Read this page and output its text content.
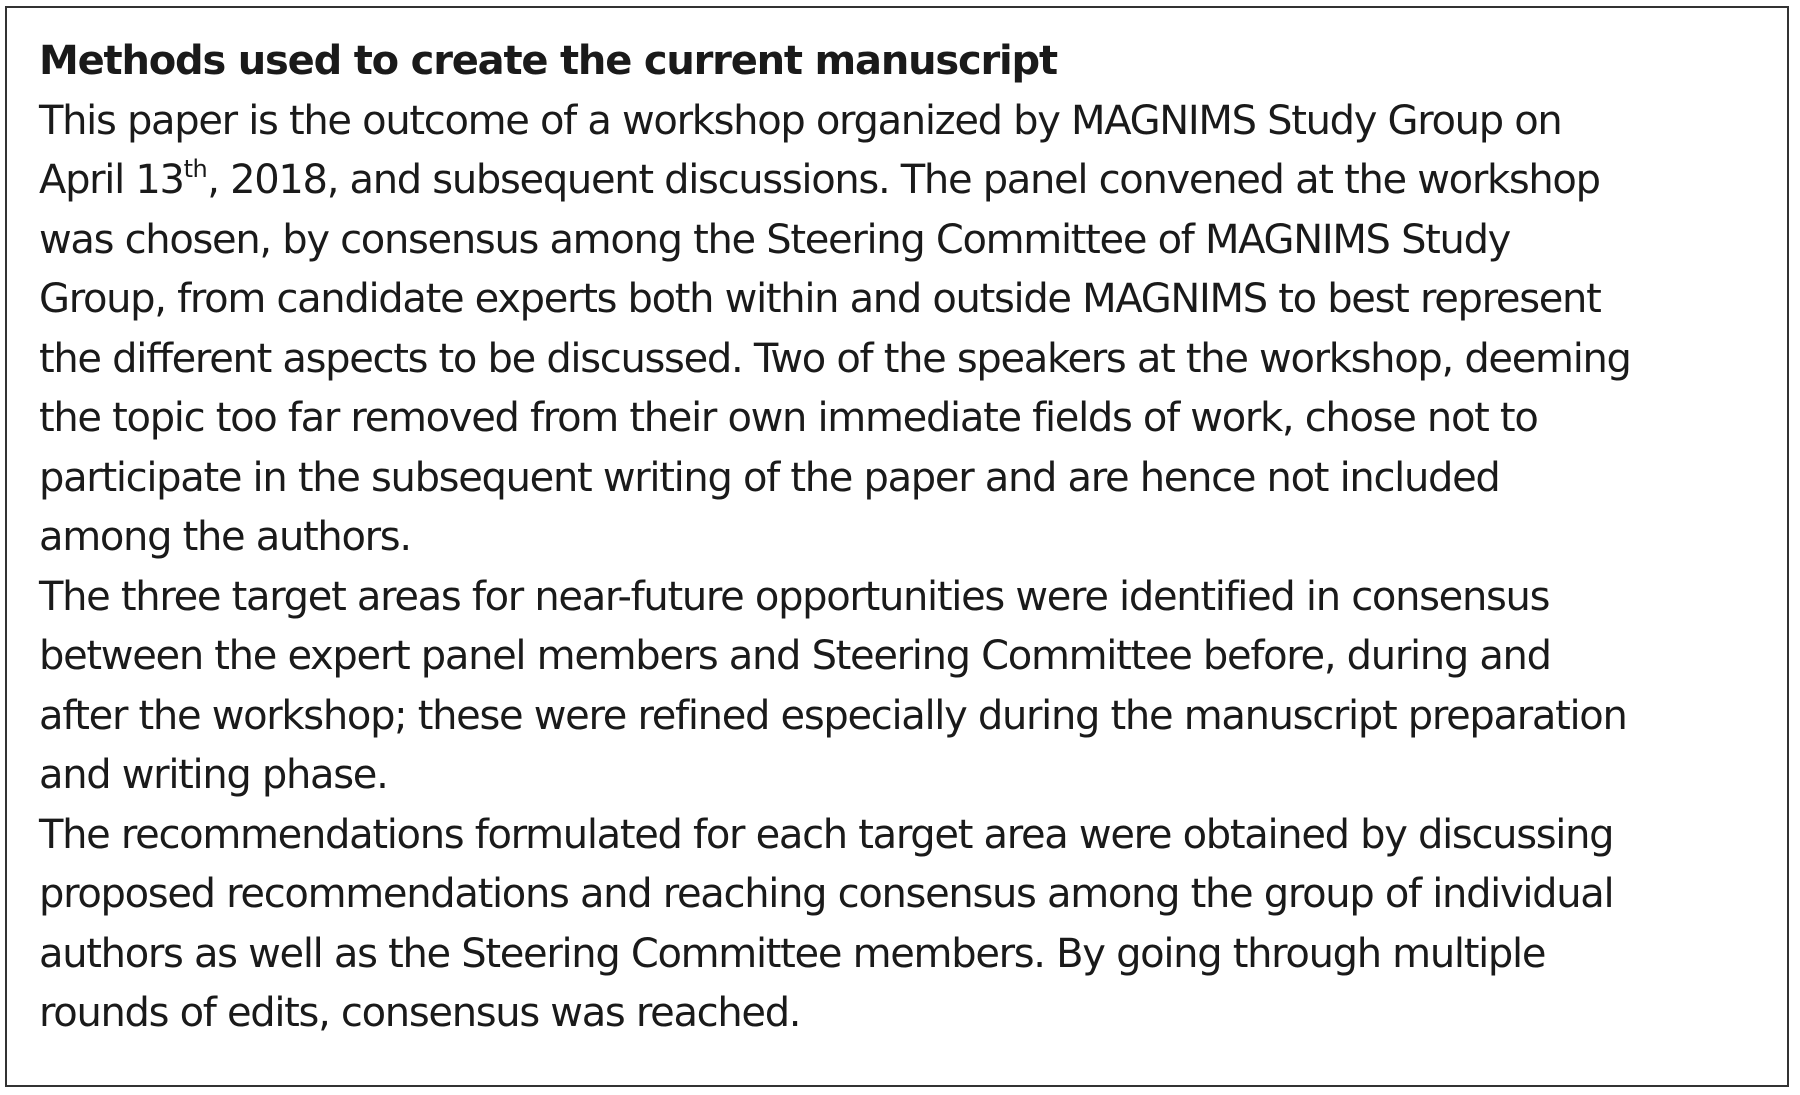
Methods used to create the current manuscript
This paper is the outcome of a workshop organized by MAGNIMS Study Group on
April 13th, 2018, and subsequent discussions. The panel convened at the workshop
was chosen, by consensus among the Steering Committee of MAGNIMS Study
Group, from candidate experts both within and outside MAGNIMS to best represent
the different aspects to be discussed. Two of the speakers at the workshop, deeming
the topic too far removed from their own immediate fields of work, chose not to
participate in the subsequent writing of the paper and are hence not included
among the authors.
The three target areas for near-future opportunities were identified in consensus
between the expert panel members and Steering Committee before, during and
after the workshop; these were refined especially during the manuscript preparation
and writing phase.
The recommendations formulated for each target area were obtained by discussing
proposed recommendations and reaching consensus among the group of individual
authors as well as the Steering Committee members. By going through multiple
rounds of edits, consensus was reached.
